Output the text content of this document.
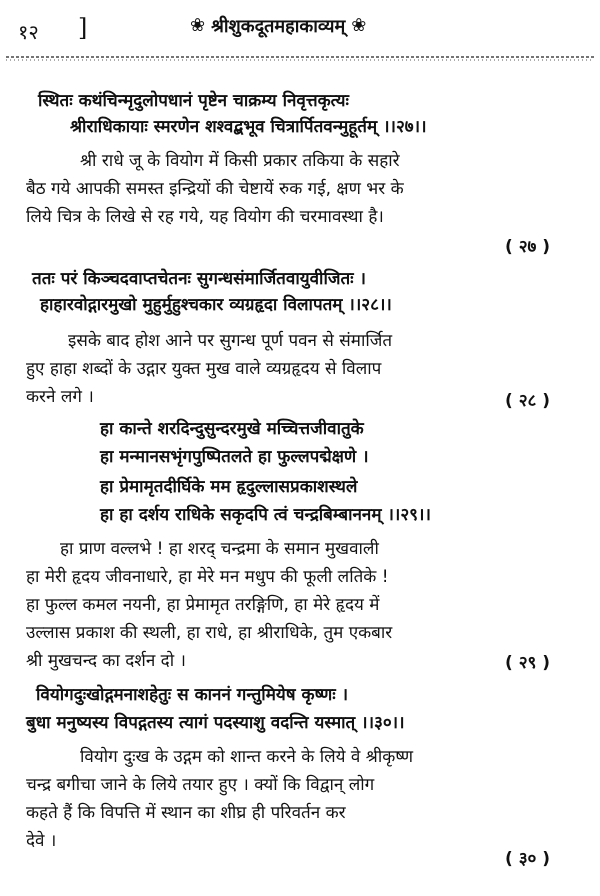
१२ ]	❀ श्रीशुकदूतमहाकाव्यम् ❀
स्थितः कथंचिन्मृदुलोपधानं पृष्टेन चाक्रम्य निवृत्तकृत्यः
श्रीराधिकायाः स्मरणेन शश्वद्बभूव चित्रार्पितवन्मुहूर्तम् ।।२७।।
श्री राधे जू के वियोग में किसी प्रकार तकिया के सहारे
बैठ गये आपकी समस्त इन्द्रियों की चेष्टायें रुक गई, क्षण भर के
लिये चित्र के लिखे से रह गये, यह वियोग की चरमावस्था है।
( २७ )
ततः परं किञ्चदवाप्तचेतनः सुगन्धसंमार्जितवायुवीजितः ।
हाहारवोद्गारमुखो मुहुर्मुहुश्चकार व्यग्रहृदा विलापतम् ।।२८।।
इसके बाद होश आने पर सुगन्ध पूर्ण पवन से संमार्जित
हुए हाहा शब्दों के उद्गार युक्त मुख वाले व्यग्रहृदय से विलाप
करने लगे ।	( २८ )
हा कान्ते शरदिन्दुसुन्दरमुखे मच्चित्तजीवातुके
हा मन्मानसभृंगपुष्पितलते हा फुल्लपद्मेक्षणे ।
हा प्रेमामृतदीर्घिके मम हृदुल्लासप्रकाशस्थले
हा हा दर्शय राधिके सकृदपि त्वं चन्द्रबिम्बाननम् ।।२९।।
हा प्राण वल्लभे ! हा शरद् चन्द्रमा के समान मुखवाली
हा मेरी हृदय जीवनाधारे, हा मेरे मन मधुप की फूली लतिके !
हा फुल्ल कमल नयनी, हा प्रेमामृत तरङ्गिणि, हा मेरे हृदय में
उल्लास प्रकाश की स्थली, हा राधे, हा श्रीराधिके, तुम एकबार
श्री मुखचन्द का दर्शन दो ।	( २९ )
वियोगदुःखोद्गमनाशहेतुः स काननं गन्तुमियेष कृष्णः ।
बुधा मनुष्यस्य विपद्गतस्य त्यागं पदस्याशु वदन्ति यस्मात् ।।३०।।
वियोग दुःख के उद्गम को शान्त करने के लिये वे श्रीकृष्ण
चन्द्र बगीचा जाने के लिये तयार हुए । क्यों कि विद्वान् लोग
कहते हैं कि विपत्ति में स्थान का शीघ्र ही परिवर्तन कर
देवे ।
( ३० )
